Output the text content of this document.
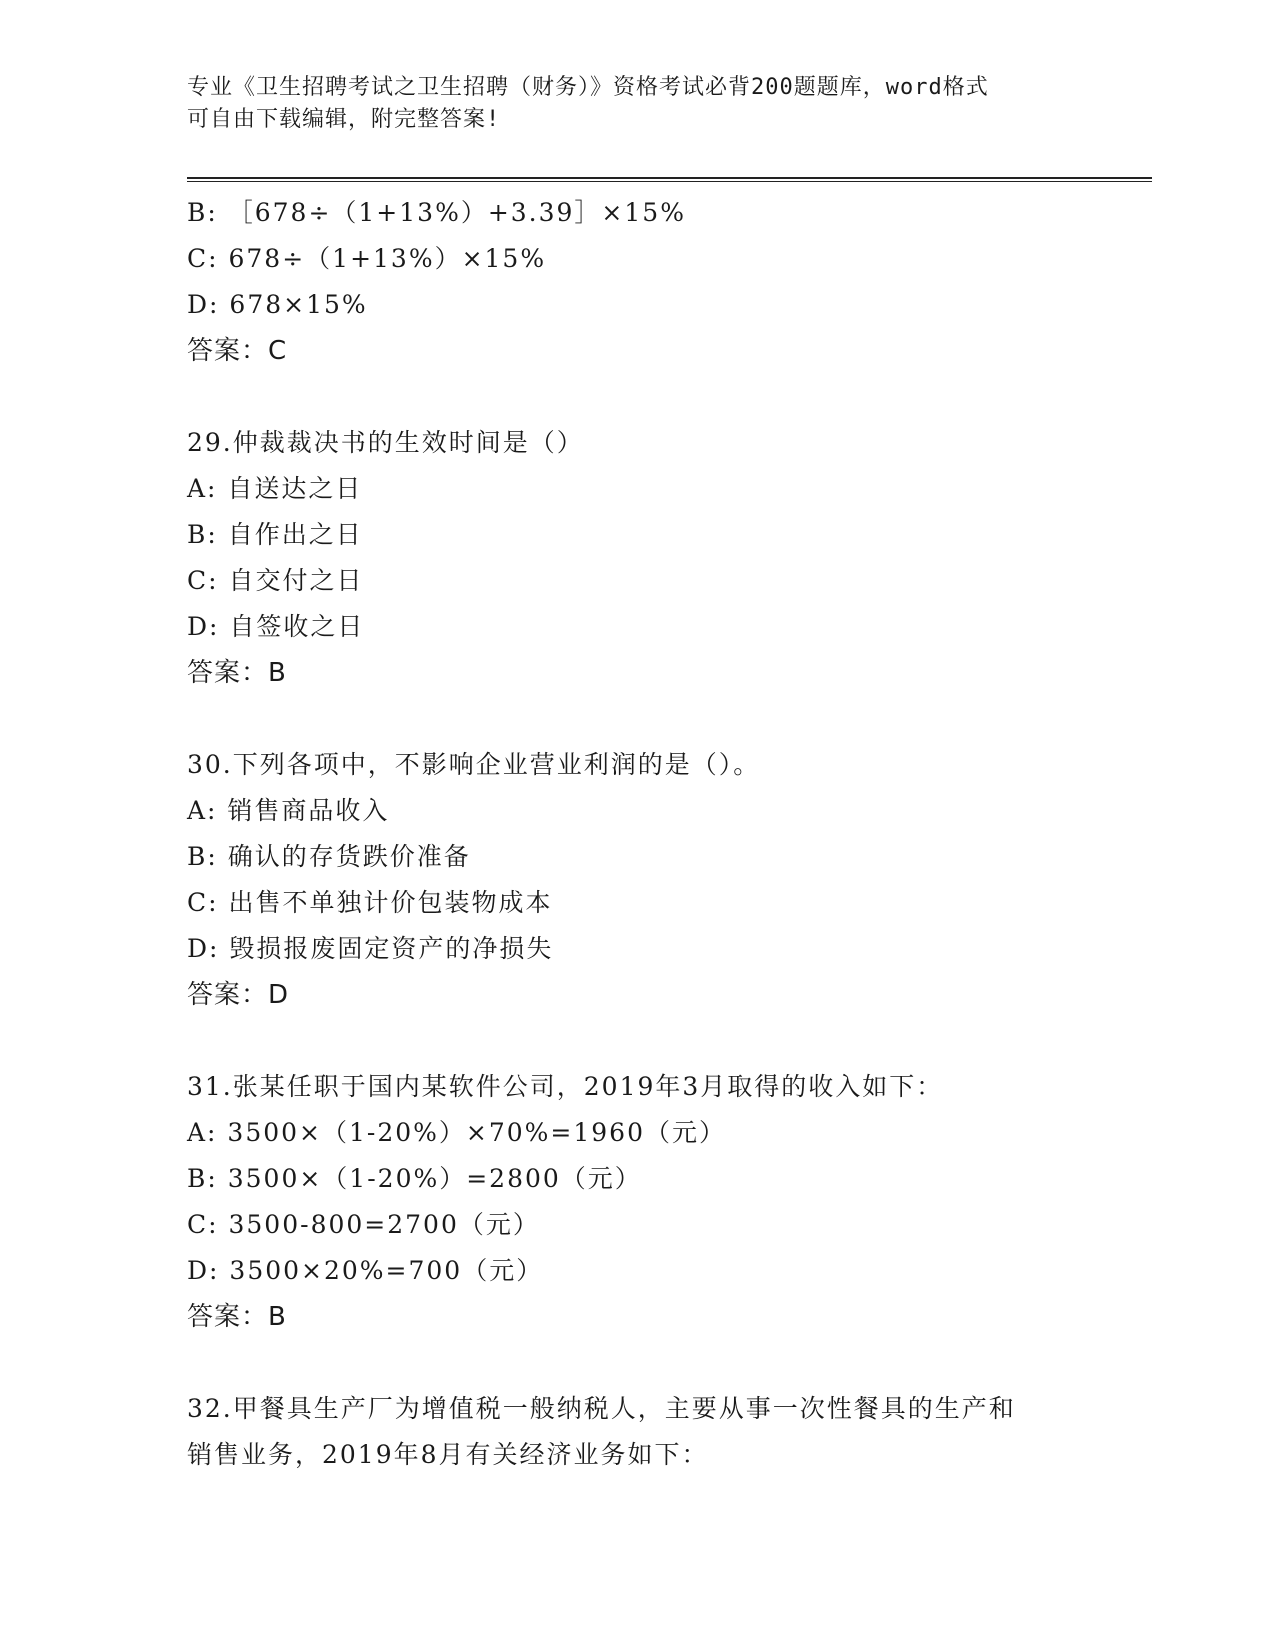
专业《卫生招聘考试之卫生招聘（财务）》资格考试必背200题题库，word格式
可自由下载编辑，附完整答案!
B: ［678÷（1+13%）+3.39］×15%
C: 678÷（1+13%）×15%
D: 678×15%
答案：C
29.仲裁裁决书的生效时间是（）
A: 自送达之日
B: 自作出之日
C: 自交付之日
D: 自签收之日
答案：B
30.下列各项中，不影响企业营业利润的是（）。
A: 销售商品收入
B: 确认的存货跌价准备
C: 出售不单独计价包装物成本
D: 毁损报废固定资产的净损失
答案：D
31.张某任职于国内某软件公司，2019年3月取得的收入如下：
A: 3500×（1-20%）×70%=1960（元）
B: 3500×（1-20%）=2800（元）
C: 3500-800=2700（元）
D: 3500×20%=700（元）
答案：B
32.甲餐具生产厂为增值税一般纳税人，主要从事一次性餐具的生产和
销售业务，2019年8月有关经济业务如下：
